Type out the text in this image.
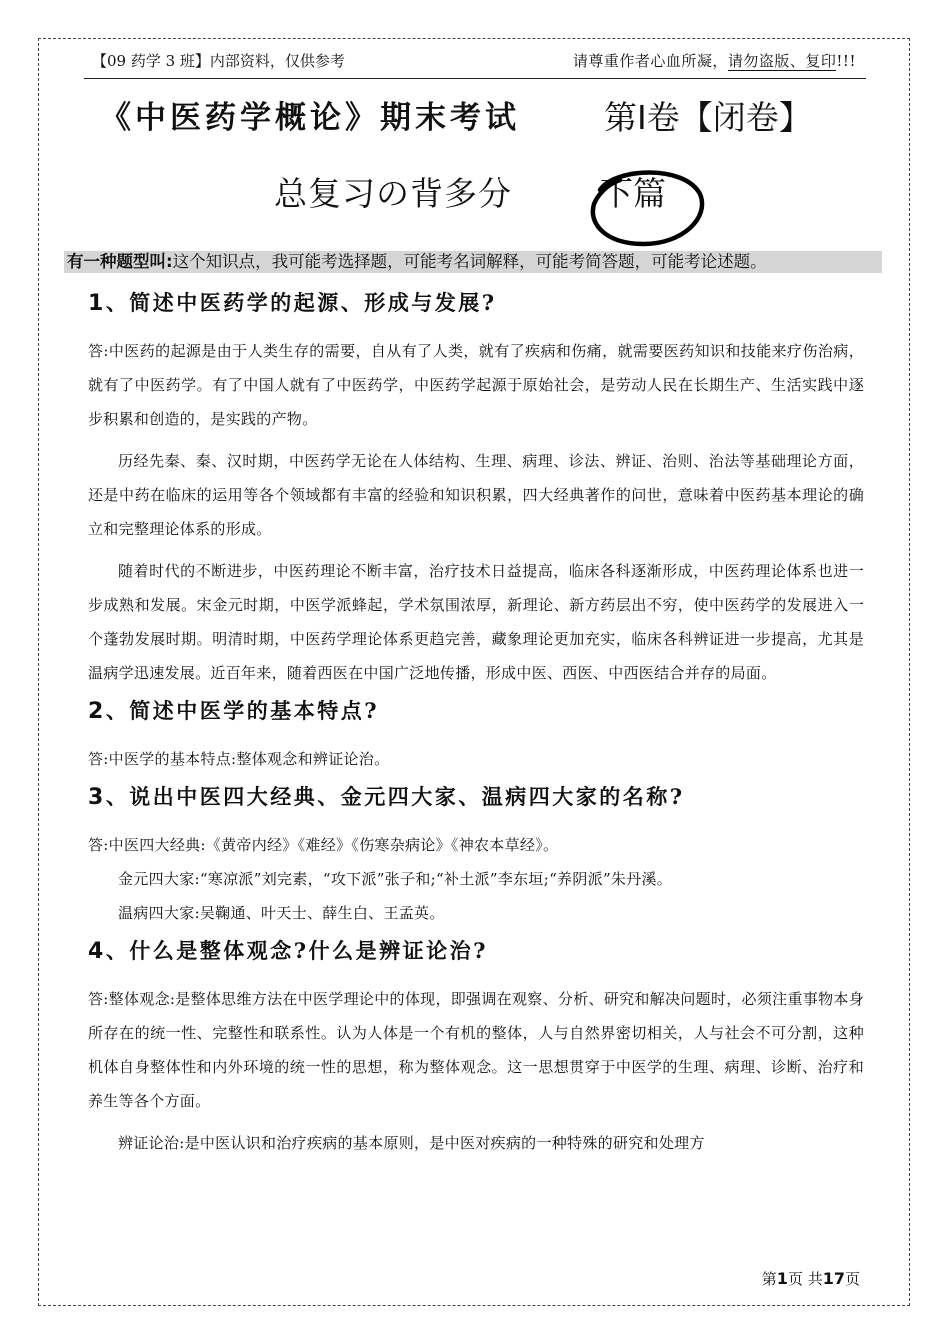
【09 药学 3 班】内部资料，仅供参考	请尊重作者心血所凝，请勿盗版、复印!!!
《中医药学概论》期末考试	第Ⅰ卷【闭卷】
总复习の背多分	下篇
有一种题型叫:这个知识点，我可能考选择题，可能考名词解释，可能考简答题，可能考论述题。
1、简述中医药学的起源、形成与发展?

答:中医药的起源是由于人类生存的需要，自从有了人类，就有了疾病和伤痛，就需要医药知识和技能来疗伤治病，就有了中医药学。有了中国人就有了中医药学，中医药学起源于原始社会，是劳动人民在长期生产、生活实践中逐步积累和创造的，是实践的产物。

历经先秦、秦、汉时期，中医药学无论在人体结构、生理、病理、诊法、辨证、治则、治法等基础理论方面，还是中药在临床的运用等各个领域都有丰富的经验和知识积累，四大经典著作的问世，意味着中医药基本理论的确立和完整理论体系的形成。

随着时代的不断进步，中医药理论不断丰富，治疗技术日益提高，临床各科逐渐形成，中医药理论体系也进一步成熟和发展。宋金元时期，中医学派蜂起，学术氛围浓厚，新理论、新方药层出不穷，使中医药学的发展进入一个蓬勃发展时期。明清时期，中医药学理论体系更趋完善，藏象理论更加充实，临床各科辨证进一步提高，尤其是温病学迅速发展。近百年来，随着西医在中国广泛地传播，形成中医、西医、中西医结合并存的局面。

2、简述中医学的基本特点?

答:中医学的基本特点:整体观念和辨证论治。

3、说出中医四大经典、金元四大家、温病四大家的名称?

答:中医四大经典:《黄帝内经》《难经》《伤寒杂病论》《神农本草经》。

金元四大家:“寒凉派”刘完素，“攻下派”张子和;“补土派”李东垣;“养阴派”朱丹溪。

温病四大家:吴鞠通、叶天士、薛生白、王孟英。

4、什么是整体观念?什么是辨证论治?

答:整体观念:是整体思维方法在中医学理论中的体现，即强调在观察、分析、研究和解决问题时，必须注重事物本身所存在的统一性、完整性和联系性。认为人体是一个有机的整体，人与自然界密切相关，人与社会不可分割，这种机体自身整体性和内外环境的统一性的思想，称为整体观念。这一思想贯穿于中医学的生理、病理、诊断、治疗和养生等各个方面。

辨证论治:是中医认识和治疗疾病的基本原则，是中医对疾病的一种特殊的研究和处理方

第1页 共17页
